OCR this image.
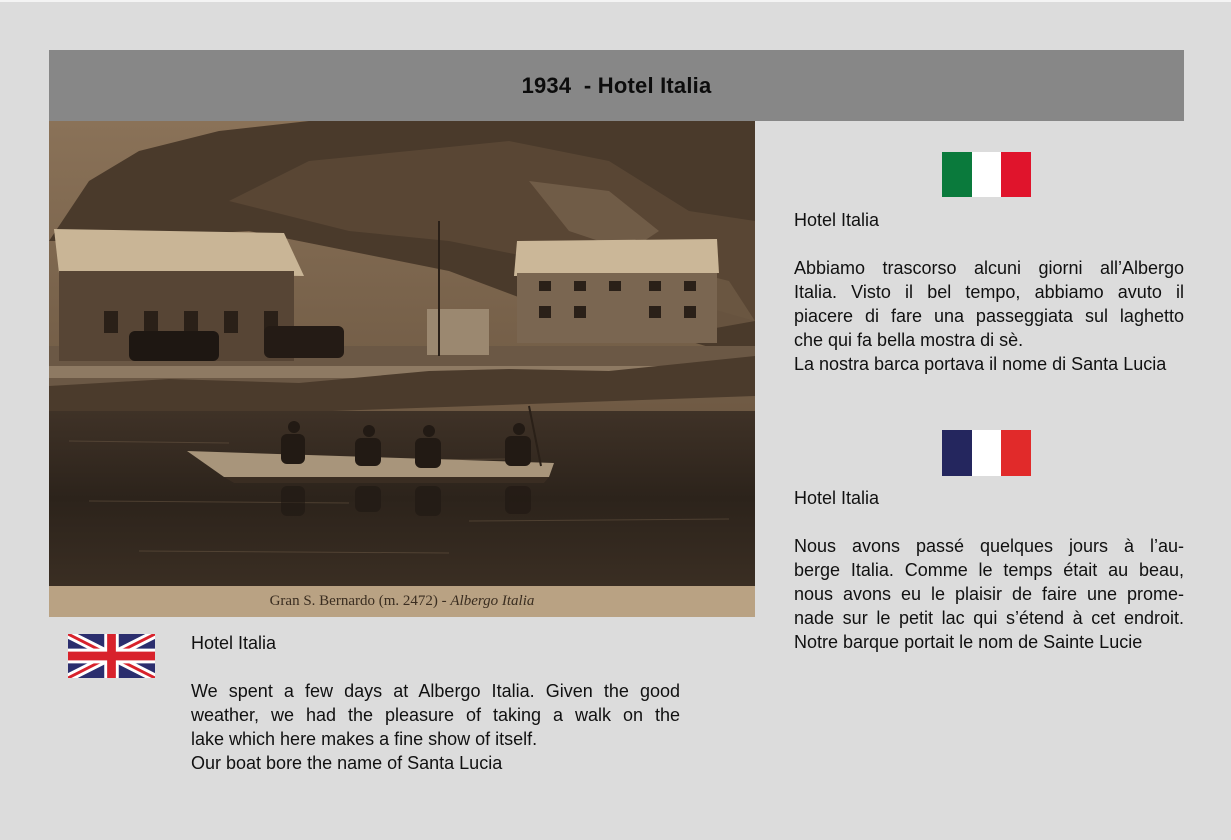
1934  - Hotel Italia
Gran S. Bernardo (m. 2472) - Albergo Italia
Hotel Italia

Abbiamo trascorso alcuni giorni all’Albergo
Italia. Visto il bel tempo, abbiamo avuto il
piacere di fare una passeggiata sul laghetto
che qui fa bella mostra di sè.
La nostra barca portava il nome di Santa Lucia

Hotel Italia

Nous avons passé quelques jours à l’au-
berge Italia. Comme le temps était au beau,
nous avons eu le plaisir de faire une prome-
nade sur le petit lac qui s’étend à cet endroit.
Notre barque portait le nom de Sainte Lucie

Hotel Italia

We spent a few days at Albergo Italia. Given the good
weather, we had the pleasure of taking a walk on the
lake which here makes a fine show of itself.
Our boat bore the name of Santa Lucia
